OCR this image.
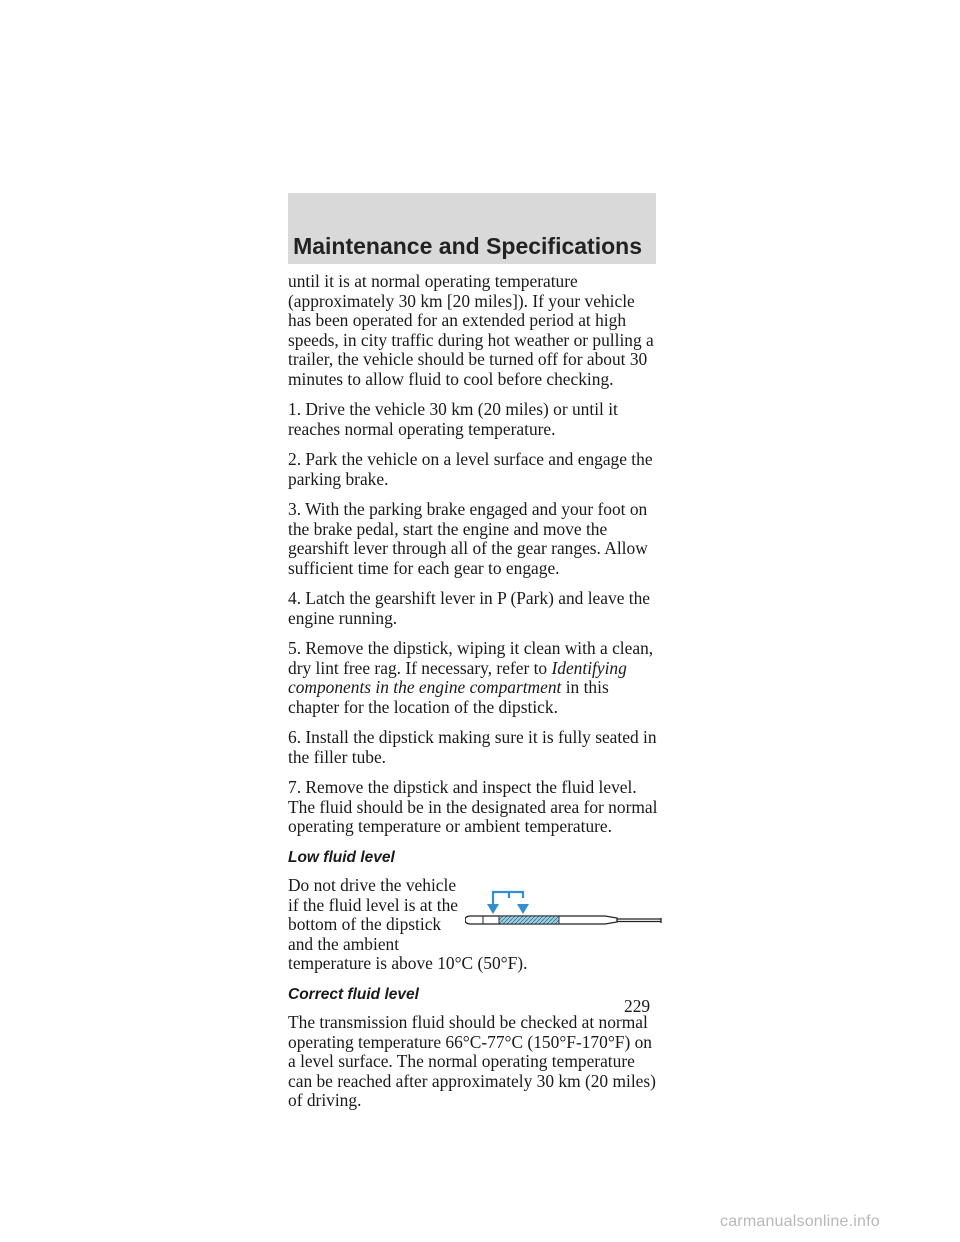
Maintenance and Specifications

until it is at normal operating temperature (approximately 30 km [20 miles]). If your vehicle has been operated for an extended period at high speeds, in city traffic during hot weather or pulling a trailer, the vehicle should be turned off for about 30 minutes to allow fluid to cool before checking.

1. Drive the vehicle 30 km (20 miles) or until it reaches normal operating temperature.

2. Park the vehicle on a level surface and engage the parking brake.

3. With the parking brake engaged and your foot on the brake pedal, start the engine and move the gearshift lever through all of the gear ranges. Allow sufficient time for each gear to engage.

4. Latch the gearshift lever in P (Park) and leave the engine running.

5. Remove the dipstick, wiping it clean with a clean, dry lint free rag. If necessary, refer to Identifying components in the engine compartment in this chapter for the location of the dipstick.

6. Install the dipstick making sure it is fully seated in the filler tube.

7. Remove the dipstick and inspect the fluid level. The fluid should be in the designated area for normal operating temperature or ambient temperature.

Low fluid level

Do not drive the vehicle if the fluid level is at the bottom of the dipstick and the ambient temperature is above 10°C (50°F).

Correct fluid level

The transmission fluid should be checked at normal operating temperature 66°C-77°C (150°F-170°F) on a level surface. The normal operating temperature can be reached after approximately 30 km (20 miles) of driving.

229
carmanualsonline.info
